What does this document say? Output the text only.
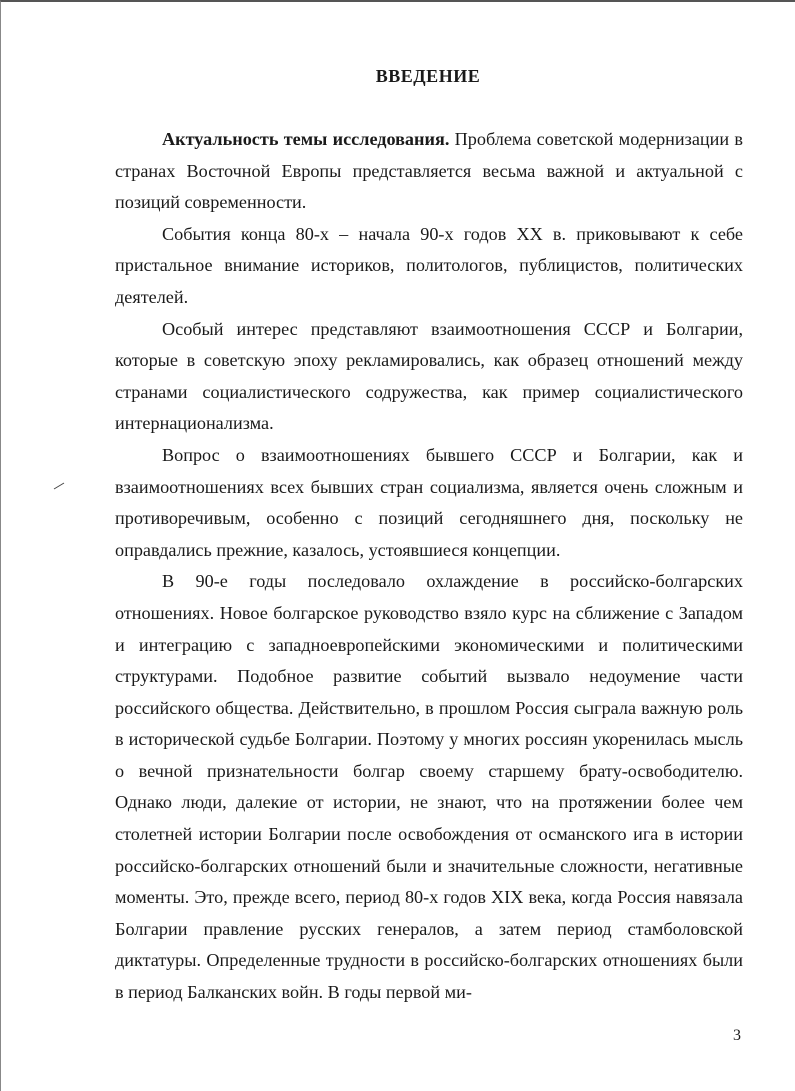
ВВЕДЕНИЕ

Актуальность темы исследования. Проблема советской модернизации в странах Восточной Европы представляется весьма важной и актуальной с позиций современности.

События конца 80-х – начала 90-х годов XX в. приковывают к себе пристальное внимание историков, политологов, публицистов, политических деятелей.

Особый интерес представляют взаимоотношения СССР и Болгарии, которые в советскую эпоху рекламировались, как образец отношений между странами социалистического содружества, как пример социалистического интернационализма.

Вопрос о взаимоотношениях бывшего СССР и Болгарии, как и взаимоотношениях всех бывших стран социализма, является очень сложным и противоречивым, особенно с позиций сегодняшнего дня, поскольку не оправдались прежние, казалось, устоявшиеся концепции.

В 90-е годы последовало охлаждение в российско-болгарских отношениях. Новое болгарское руководство взяло курс на сближение с Западом и интеграцию с западноевропейскими экономическими и политическими структурами. Подобное развитие событий вызвало недоумение части российского общества. Действительно, в прошлом Россия сыграла важную роль в исторической судьбе Болгарии. Поэтому у многих россиян укоренилась мысль о вечной признательности болгар своему старшему брату-освободителю. Однако люди, далекие от истории, не знают, что на протяжении более чем столетней истории Болгарии после освобождения от османского ига в истории российско-болгарских отношений были и значительные сложности, негативные моменты. Это, прежде всего, период 80-х годов XIX века, когда Россия навязала Болгарии правление русских генералов, а затем период стамболовской диктатуры. Определенные трудности в российско-болгарских отношениях были в период Балканских войн. В годы первой ми-

3
